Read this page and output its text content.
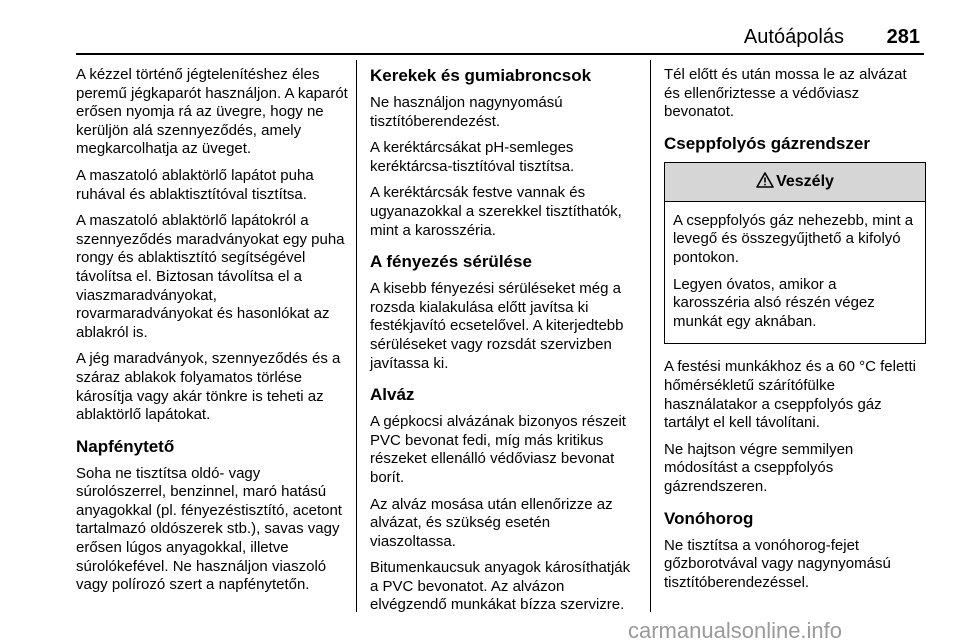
Autóápolás 281

A kézzel történő jégtelenítéshez éles peremű jégkaparót használjon. A kaparót erősen nyomja rá az üvegre, hogy ne kerüljön alá szennyeződés, amely megkarcolhatja az üveget.

A maszatoló ablaktörlő lapátot puha ruhával és ablaktisztítóval tisztítsa.

A maszatoló ablaktörlő lapátokról a szennyeződés maradványokat egy puha rongy és ablaktisztító segítségével távolítsa el. Biztosan távolítsa el a viaszmaradványokat, rovarmaradványokat és hasonlókat az ablakról is.

A jég maradványok, szennyeződés és a száraz ablakok folyamatos törlése károsítja vagy akár tönkre is teheti az ablaktörlő lapátokat.

Napfénytető

Soha ne tisztítsa oldó- vagy súrolószerrel, benzinnel, maró hatású anyagokkal (pl. fényezéstisztító, acetont tartalmazó oldószerek stb.), savas vagy erősen lúgos anyagokkal, illetve súrolókefével. Ne használjon viaszoló vagy polírozó szert a napfénytetőn.

Kerekek és gumiabroncsok

Ne használjon nagynyomású tisztítóberendezést.

A keréktárcsákat pH-semleges keréktárcsa-tisztítóval tisztítsa.

A keréktárcsák festve vannak és ugyanazokkal a szerekkel tisztíthatók, mint a karosszéria.

A fényezés sérülése

A kisebb fényezési sérüléseket még a rozsda kialakulása előtt javítsa ki festékjavító ecsetelővel. A kiterjedtebb sérüléseket vagy rozsdát szervizben javítassa ki.

Alváz

A gépkocsi alvázának bizonyos részeit PVC bevonat fedi, míg más kritikus részeket ellenálló védőviasz bevonat borít.

Az alváz mosása után ellenőrizze az alvázat, és szükség esetén viaszoltassa.

Bitumenkaucsuk anyagok károsíthatják a PVC bevonatot. Az alvázon elvégzendő munkákat bízza szervizre.

Tél előtt és után mossa le az alvázat és ellenőriztesse a védőviasz bevonatot.

Cseppfolyós gázrendszer
Veszély

A cseppfolyós gáz nehezebb, mint a levegő és összegyűjthető a kifolyó pontokon.

Legyen óvatos, amikor a karosszéria alsó részén végez munkát egy aknában.

A festési munkákhoz és a 60 °C feletti hőmérsékletű szárítófülke használatakor a cseppfolyós gáz tartályt el kell távolítani.

Ne hajtson végre semmilyen módosítást a cseppfolyós gázrendszeren.

Vonóhorog

Ne tisztítsa a vonóhorog-fejet gőzborotvával vagy nagynyomású tisztítóberendezéssel.

carmanualsonline.info
